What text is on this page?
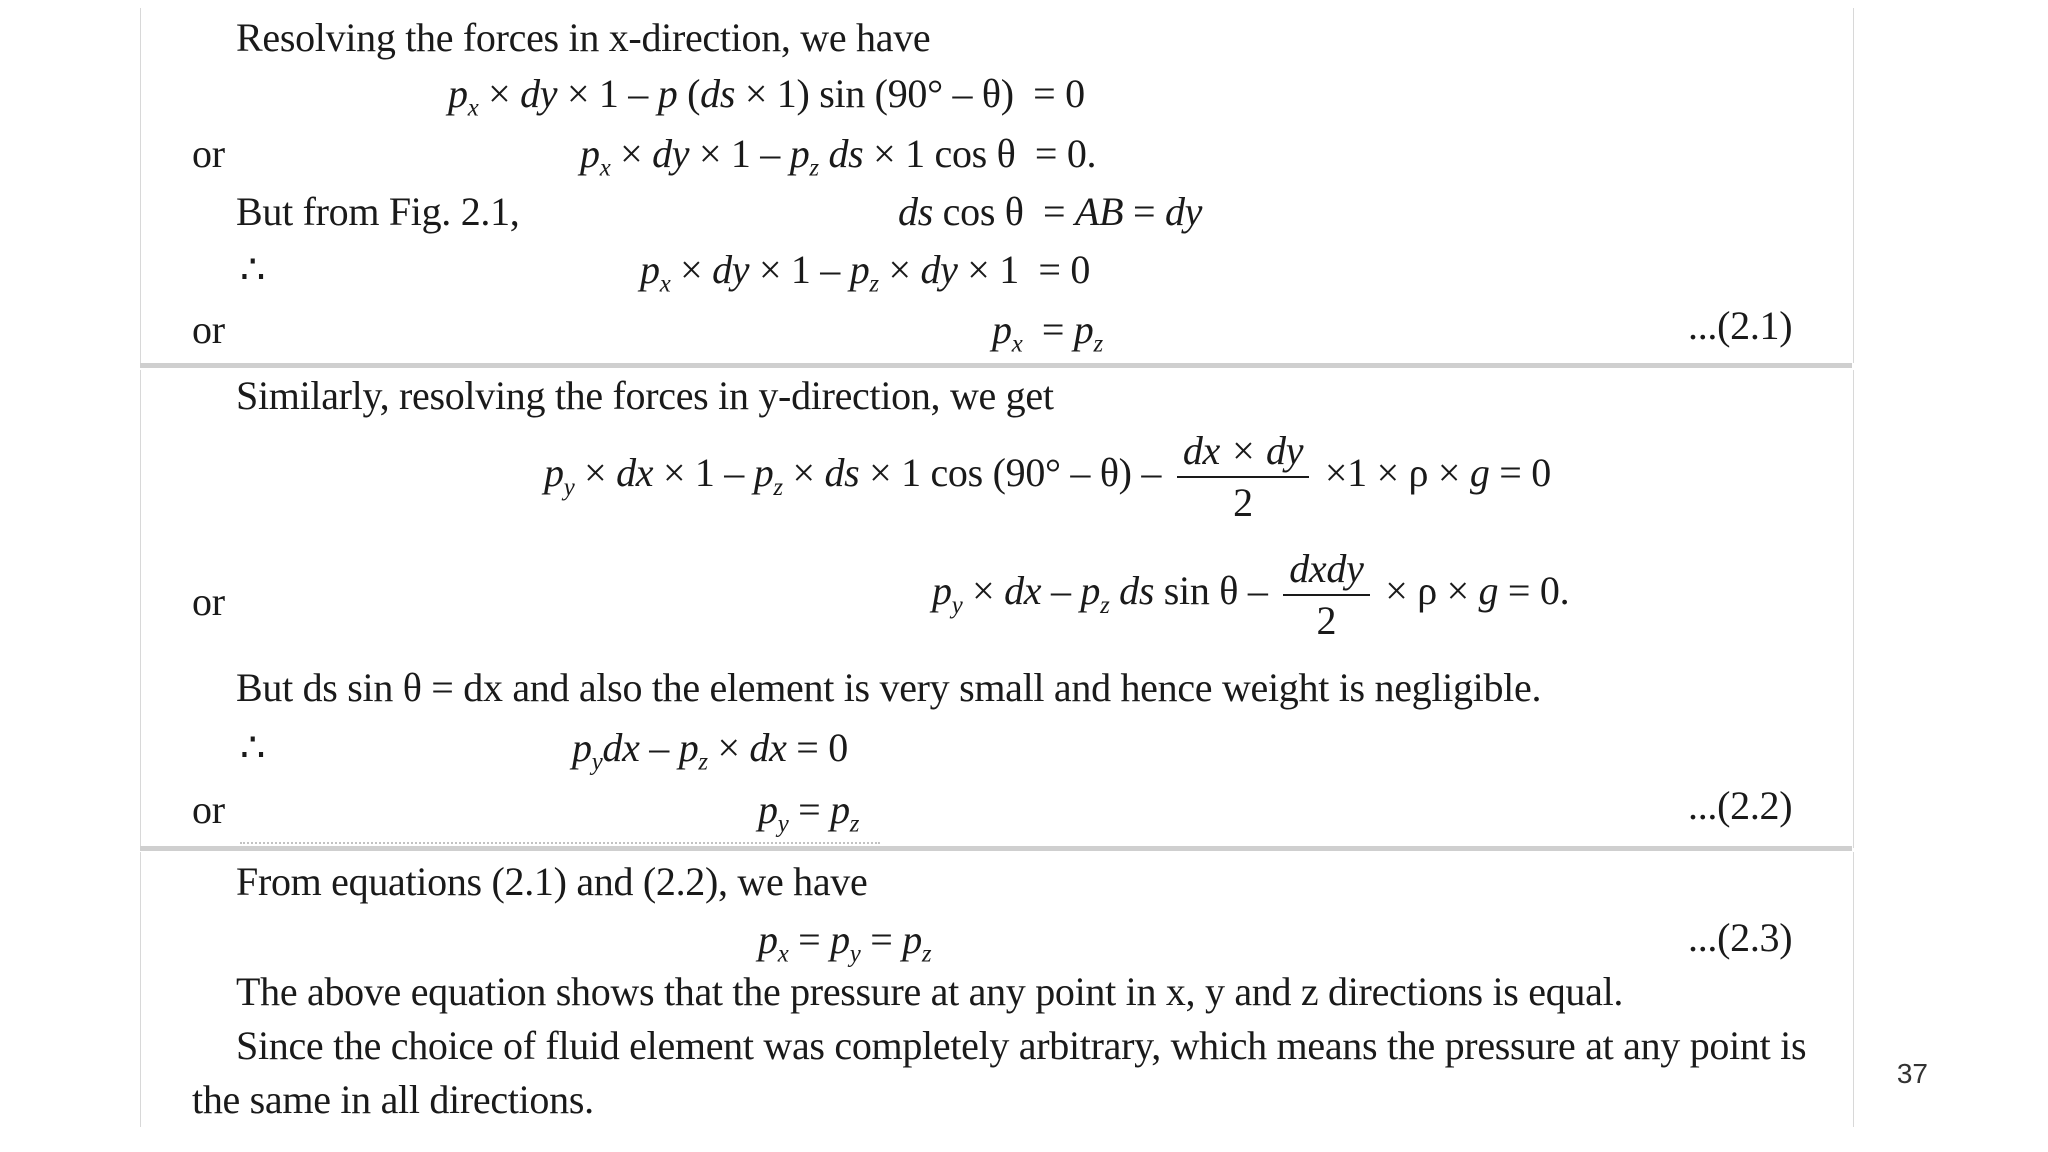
Resolving the forces in x-direction, we have
$p_x$ × dy × 1 – p (ds × 1) sin (90° – θ)  = 0
or	$p_x$ × dy × $1 - p_z$ ds × 1 cos θ  = 0.
But from Fig. 2.1,	ds cos θ  = AB = dy
∴	$p_x$ × dy × $1 - p_z$ × dy × 1  = 0
or	$p_x = p_z$	...(2.1)
Similarly, resolving the forces in y-direction, we get
$p_y$ × dx × $1 - p_z$ × ds × 1 $\cos (90^\circ - \theta) - \frac{dx \times dy}{2} \times 1 \times \rho \times g = 0$
or	$p_y$ × dx – $p_z$ ds $\sin \theta - \frac{\text{dxdy}}{2} \times \rho \times g = 0$.
But ds sin θ = dx and also the element is very small and hence weight is negligible.
∴	$p_ydx - p_z$ × dx = 0
or	$p_y = p_z$	...(2.2)
From equations (2.1) and (2.2), we have
$p_x = p_y = p_z$	...(2.3)
The above equation shows that the pressure at any point in x, y and z directions is equal.
Since the choice of fluid element was completely arbitrary, which means the pressure at any point is
the same in all directions.
37
